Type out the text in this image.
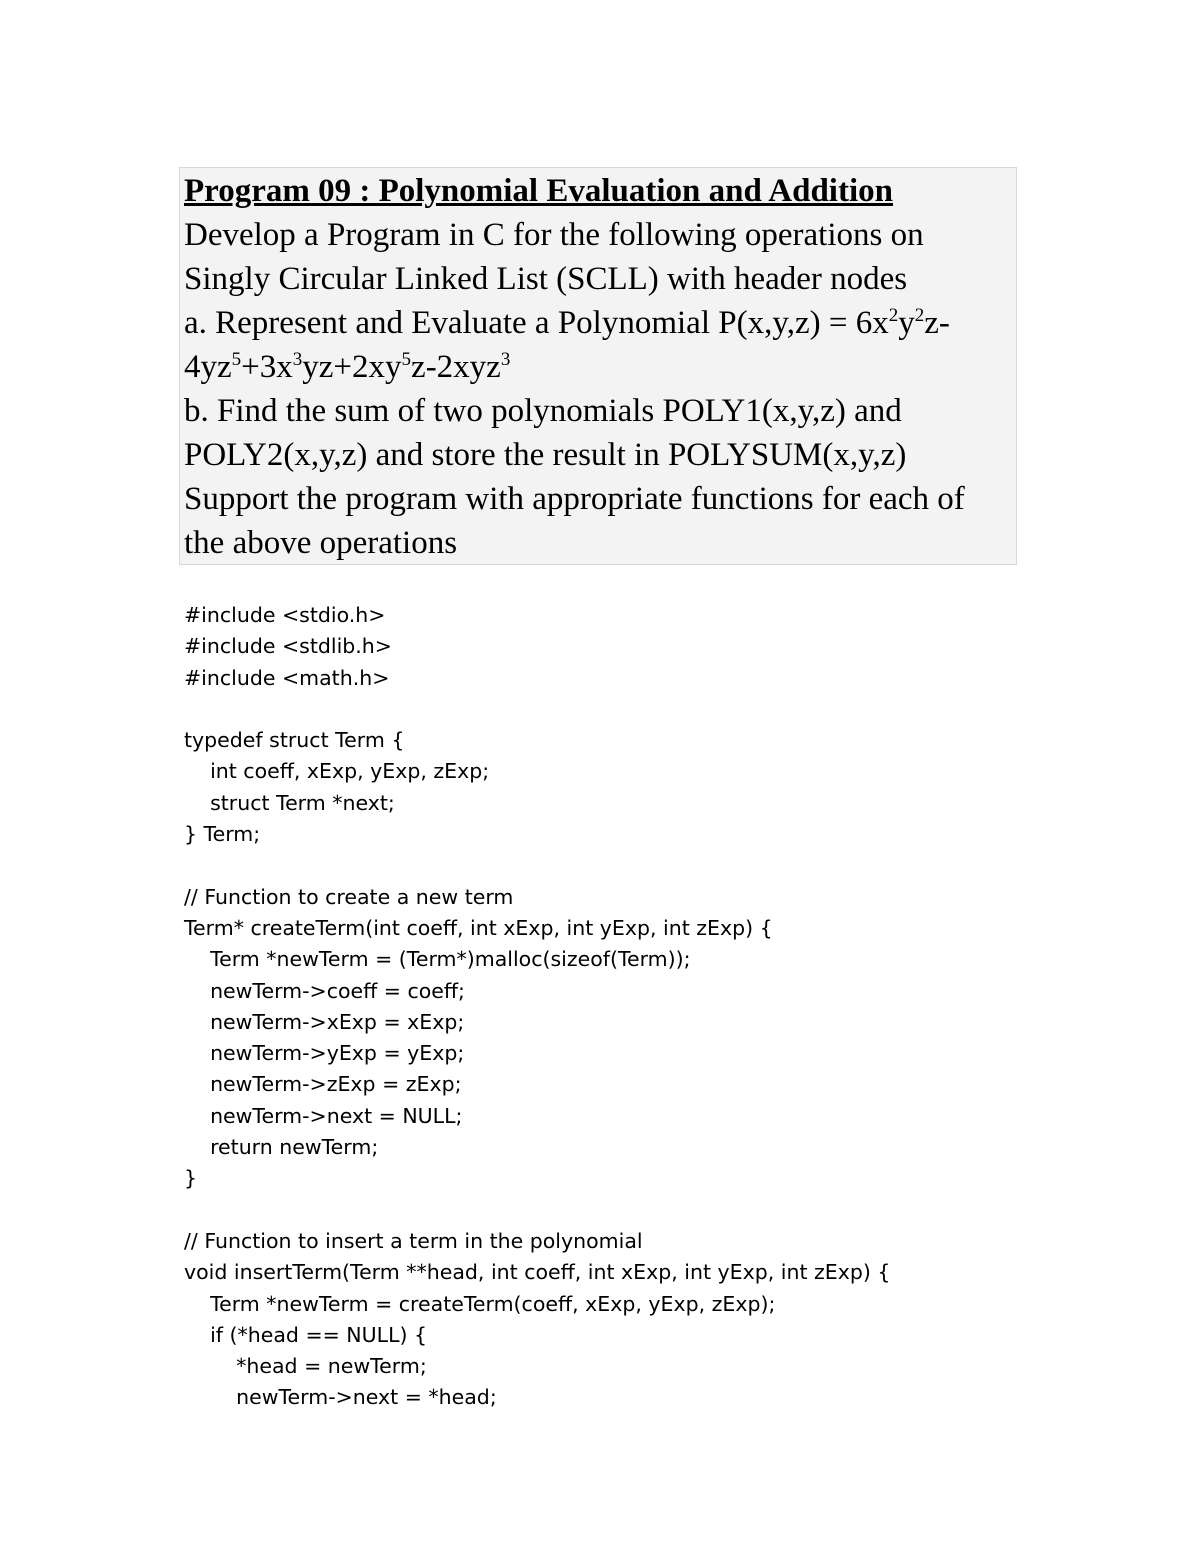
Program 09 : Polynomial Evaluation and Addition
Develop a Program in C for the following operations on
Singly Circular Linked List (SCLL) with header nodes
a. Represent and Evaluate a Polynomial $P(x,y,z) = 6x^2y^2z-$
$4yz^5+3x^3yz+2xy^5z-2xyz^3$
b. Find the sum of two polynomials POLY1(x,y,z) and
POLY2(x,y,z) and store the result in POLYSUM(x,y,z)
Support the program with appropriate functions for each of
the above operations
#include <stdio.h>
#include <stdlib.h>
#include <math.h>
typedef struct Term {
int coeff, xExp, yExp, zExp;
struct Term *next;
} Term;
// Function to create a new term
Term* createTerm(int coeff, int xExp, int yExp, int zExp) {
Term *newTerm = (Term*)malloc(sizeof(Term));
newTerm->coeff = coeff;
newTerm->xExp = xExp;
newTerm->yExp = yExp;
newTerm->zExp = zExp;
newTerm->next = NULL;
return newTerm;
}
// Function to insert a term in the polynomial
void insertTerm(Term **head, int coeff, int xExp, int yExp, int zExp) {
Term *newTerm = createTerm(coeff, xExp, yExp, zExp);
if (*head == NULL) {
*head = newTerm;
newTerm->next = *head;
